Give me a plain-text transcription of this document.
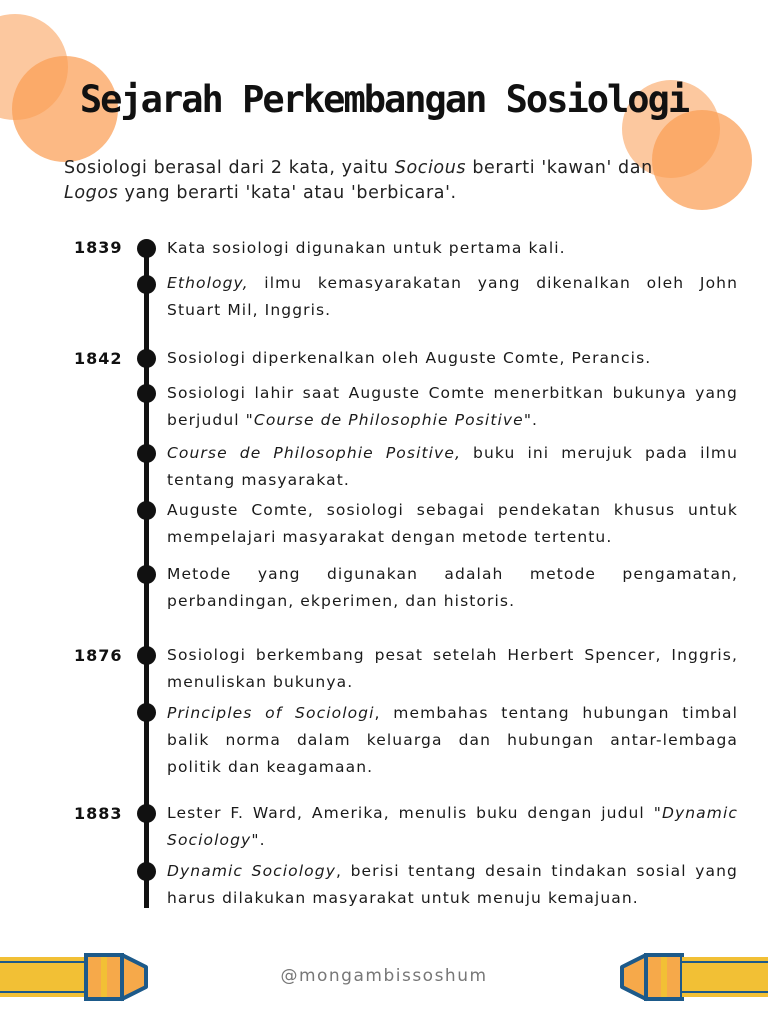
Sejarah Perkembangan Sosiologi

Sosiologi berasal dari 2 kata, yaitu Socious berarti 'kawan' dan Logos yang berarti 'kata' atau 'berbicara'.

1839
1842
1876
1883

Kata sosiologi digunakan untuk pertama kali.

Ethology, ilmu kemasyarakatan yang dikenalkan oleh John Stuart Mil, Inggris.

Sosiologi diperkenalkan oleh Auguste Comte, Perancis.

Sosiologi lahir saat Auguste Comte menerbitkan bukunya yang berjudul "Course de Philosophie Positive".

Course de Philosophie Positive, buku ini merujuk pada ilmu tentang masyarakat.

Auguste Comte, sosiologi sebagai pendekatan khusus untuk mempelajari masyarakat dengan metode tertentu.

Metode yang digunakan adalah metode pengamatan, perbandingan, ekperimen, dan historis.

Sosiologi berkembang pesat setelah Herbert Spencer, Inggris, menuliskan bukunya.

Principles of Sociologi, membahas tentang hubungan timbal balik norma dalam keluarga dan hubungan antar-lembaga politik dan keagamaan.

Lester F. Ward, Amerika, menulis buku dengan judul "Dynamic Sociology".

Dynamic Sociology, berisi tentang desain tindakan sosial yang harus dilakukan masyarakat untuk menuju kemajuan.

@mongambissoshum
